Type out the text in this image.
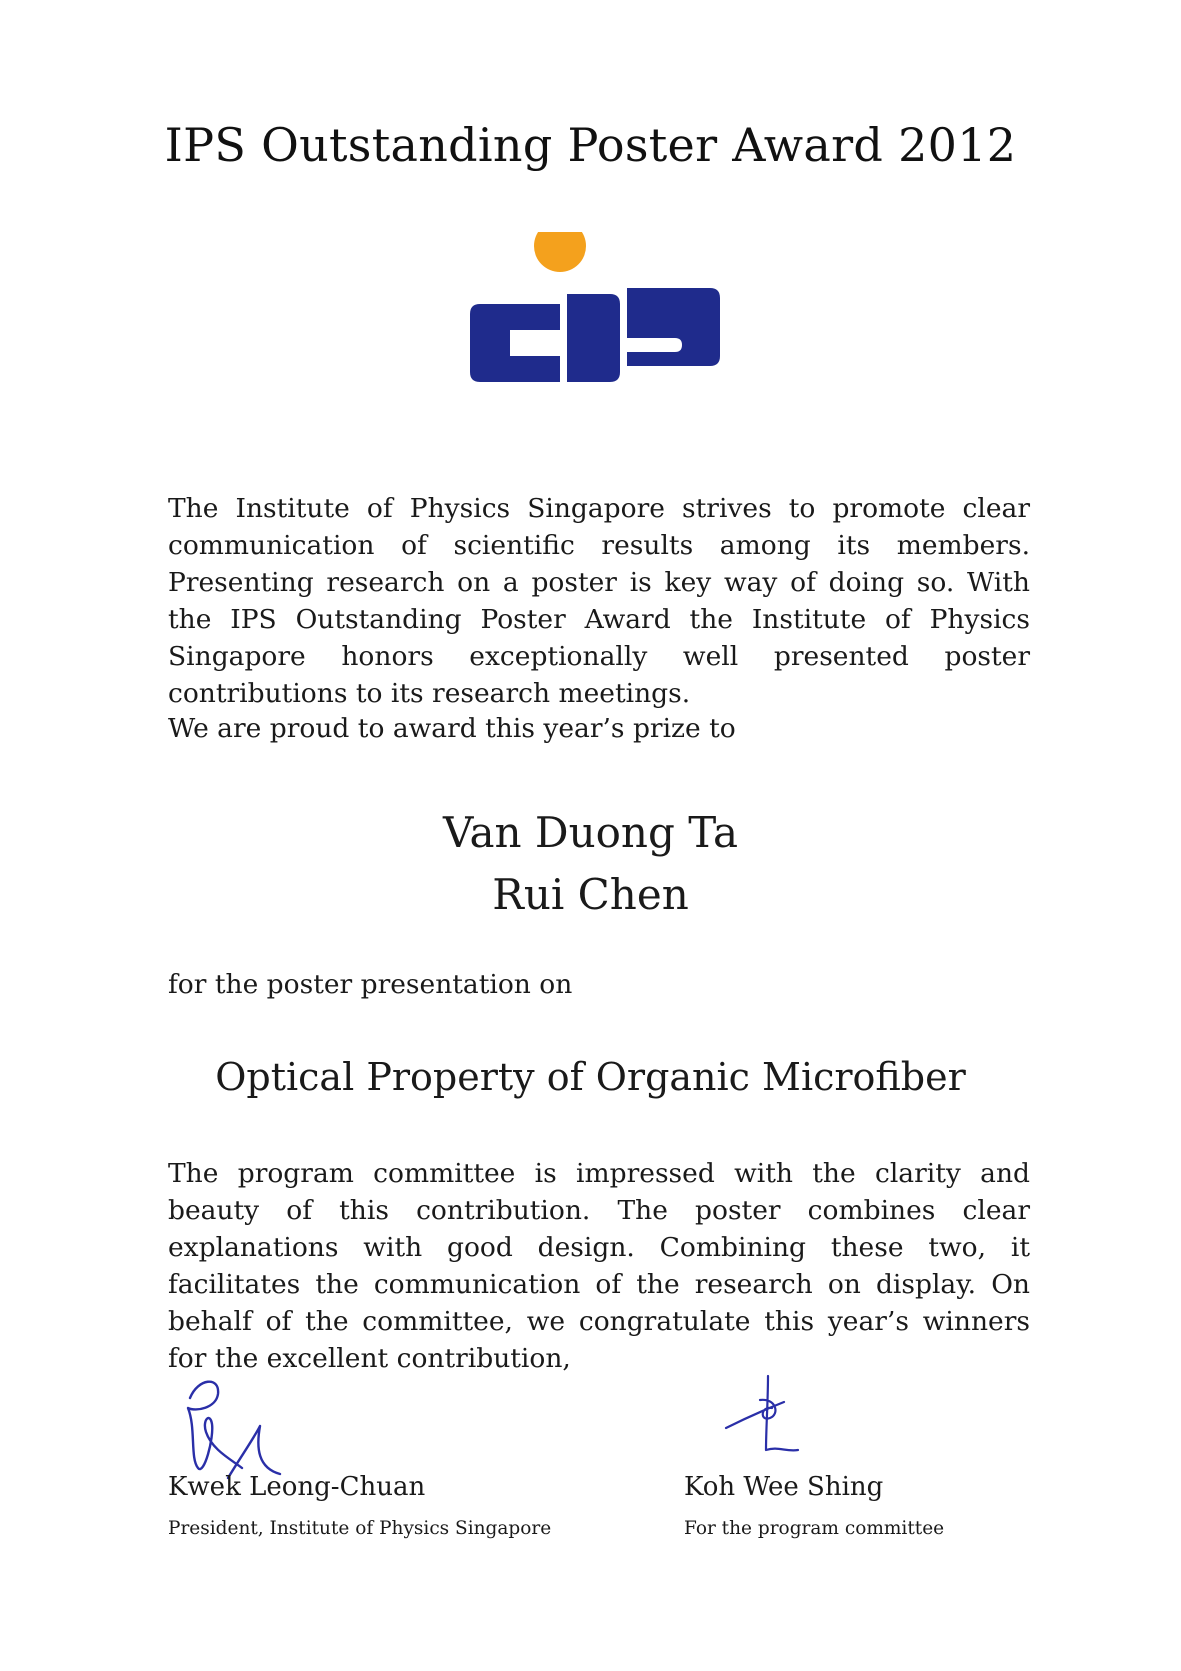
IPS Outstanding Poster Award 2012

The Institute of Physics Singapore strives to promote clear communication of scientific results among its members. Presenting research on a poster is key way of doing so. With the IPS Outstanding Poster Award the Institute of Physics Singapore honors exceptionally well presented poster contributions to its research meetings.

We are proud to award this year’s prize to

Van Duong Ta
Rui Chen

for the poster presentation on

Optical Property of Organic Microfiber

The program committee is impressed with the clarity and beauty of this contribution. The poster combines clear explanations with good design. Combining these two, it facilitates the communication of the research on display. On behalf of the committee, we congratulate this year’s winners for the excellent contribution,

Kwek Leong-Chuan
President, Institute of Physics Singapore
Koh Wee Shing
For the program committee
